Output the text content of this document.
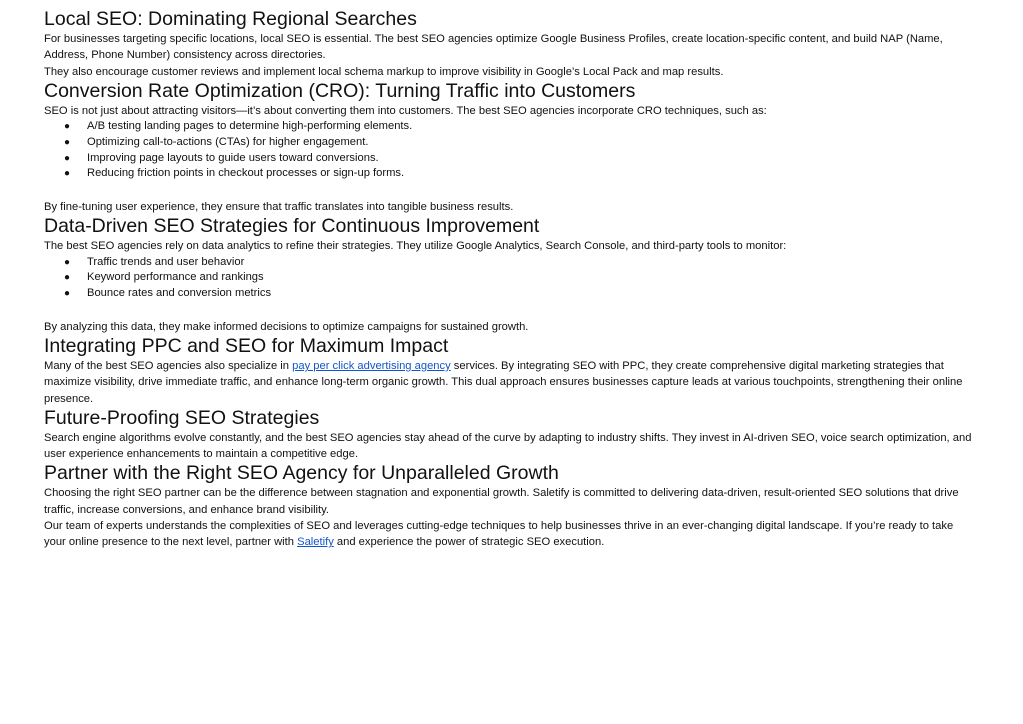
Local SEO: Dominating Regional Searches

For businesses targeting specific locations, local SEO is essential. The best SEO agencies optimize Google Business Profiles, create location-specific content, and build NAP (Name, Address, Phone Number) consistency across directories.

They also encourage customer reviews and implement local schema markup to improve visibility in Google’s Local Pack and map results.

Conversion Rate Optimization (CRO): Turning Traffic into Customers

SEO is not just about attracting visitors—it’s about converting them into customers. The best SEO agencies incorporate CRO techniques, such as:

● A/B testing landing pages to determine high-performing elements.
● Optimizing call-to-actions (CTAs) for higher engagement.
● Improving page layouts to guide users toward conversions.
● Reducing friction points in checkout processes or sign-up forms.

By fine-tuning user experience, they ensure that traffic translates into tangible business results.

Data-Driven SEO Strategies for Continuous Improvement

The best SEO agencies rely on data analytics to refine their strategies. They utilize Google Analytics, Search Console, and third-party tools to monitor:

● Traffic trends and user behavior
● Keyword performance and rankings
● Bounce rates and conversion metrics

By analyzing this data, they make informed decisions to optimize campaigns for sustained growth.

Integrating PPC and SEO for Maximum Impact

Many of the best SEO agencies also specialize in pay per click advertising agency services. By integrating SEO with PPC, they create comprehensive digital marketing strategies that maximize visibility, drive immediate traffic, and enhance long-term organic growth. This dual approach ensures businesses capture leads at various touchpoints, strengthening their online presence.

Future-Proofing SEO Strategies

Search engine algorithms evolve constantly, and the best SEO agencies stay ahead of the curve by adapting to industry shifts. They invest in AI-driven SEO, voice search optimization, and user experience enhancements to maintain a competitive edge.

Partner with the Right SEO Agency for Unparalleled Growth

Choosing the right SEO partner can be the difference between stagnation and exponential growth. Saletify is committed to delivering data-driven, result-oriented SEO solutions that drive traffic, increase conversions, and enhance brand visibility.

Our team of experts understands the complexities of SEO and leverages cutting-edge techniques to help businesses thrive in an ever-changing digital landscape. If you’re ready to take your online presence to the next level, partner with Saletify and experience the power of strategic SEO execution.
